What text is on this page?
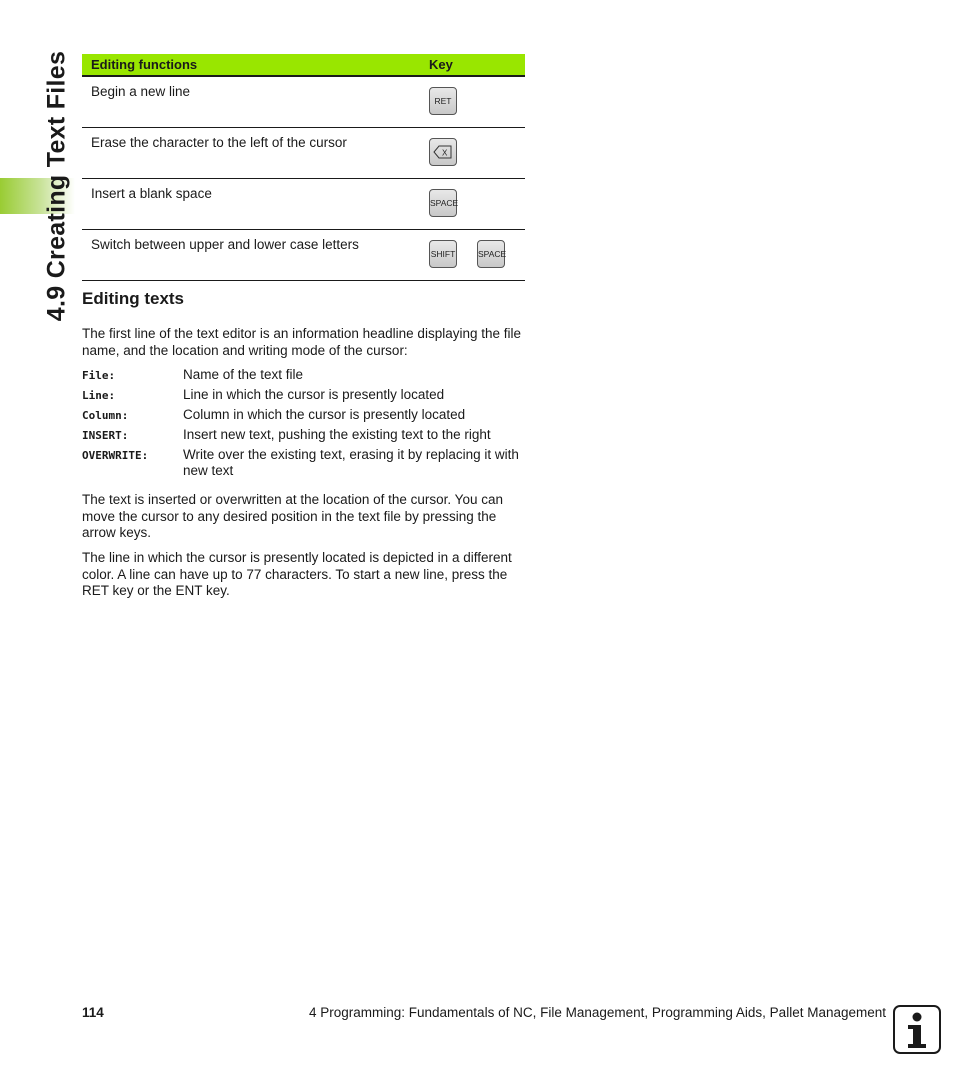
4.9 Creating Text Files Editing functions	Key
Begin a new line	RET
Erase the character to the left of the cursor	X

Insert a blank space	SPACE
Switch between upper and lower case letters	SHIFT SPACE
Editing texts

The first line of the text editor is an information headline displaying the file name, and the location and writing mode of the cursor:

File:	Name of the text file
Line:	Line in which the cursor is presently located
Column:	Column in which the cursor is presently located
INSERT:	Insert new text, pushing the existing text to the right
OVERWRITE:	Write over the existing text, erasing it by replacing it with new text

The text is inserted or overwritten at the location of the cursor. You can move the cursor to any desired position in the text file by pressing the arrow keys.

The line in which the cursor is presently located is depicted in a different color. A line can have up to 77 characters. To start a new line, press the RET key or the ENT key.

114	4 Programming: Fundamentals of NC, File Management, Programming Aids, Pallet Management
